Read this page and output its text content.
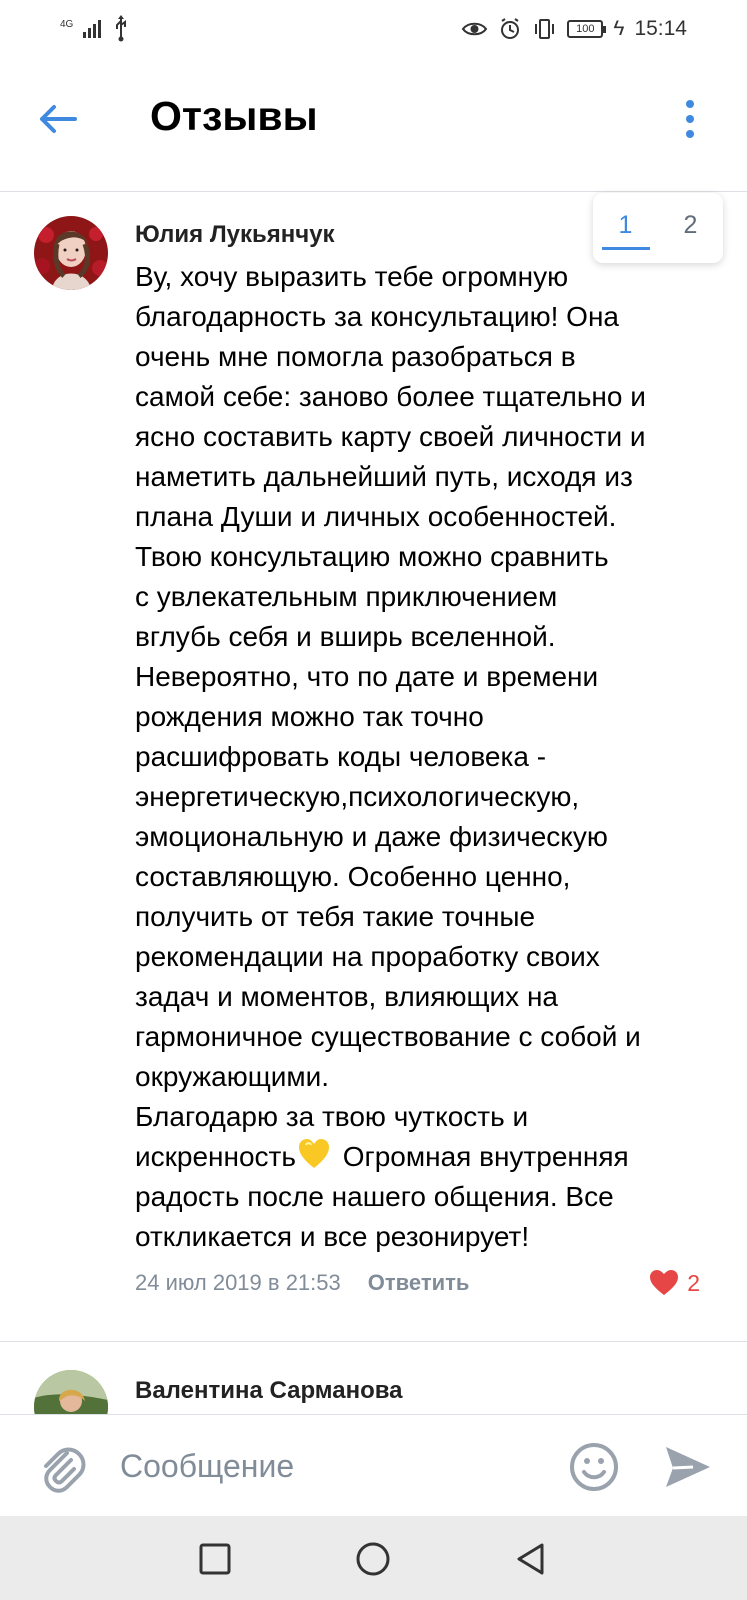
4G	100 ϟ 15:14
Отзывы
1	2
Юлия Лукьянчук
Ву, хочу выразить тебе огромную
благодарность за консультацию! Она
очень мне помогла разобраться в
самой себе: заново более тщательно и
ясно составить карту своей личности и
наметить дальнейший путь, исходя из
плана Души и личных особенностей.
Твою консультацию можно сравнить
с увлекательным приключением
вглубь себя и вширь вселенной.
Невероятно, что по дате и времени
рождения можно так точно
расшифровать коды человека -
энергетическую,психологическую,
эмоциональную и даже физическую
составляющую. Особенно ценно,
получить от тебя такие точные
рекомендации на проработку своих
задач и моментов, влияющих на
гармоничное существование с собой и
окружающими.
Благодарю за твою чуткость и
искренность Огромная внутренняя
радость после нашего общения. Все
откликается и все резонирует!
24 июл 2019 в 21:53 Ответить	2
Валентина Сарманова
Сообщение
